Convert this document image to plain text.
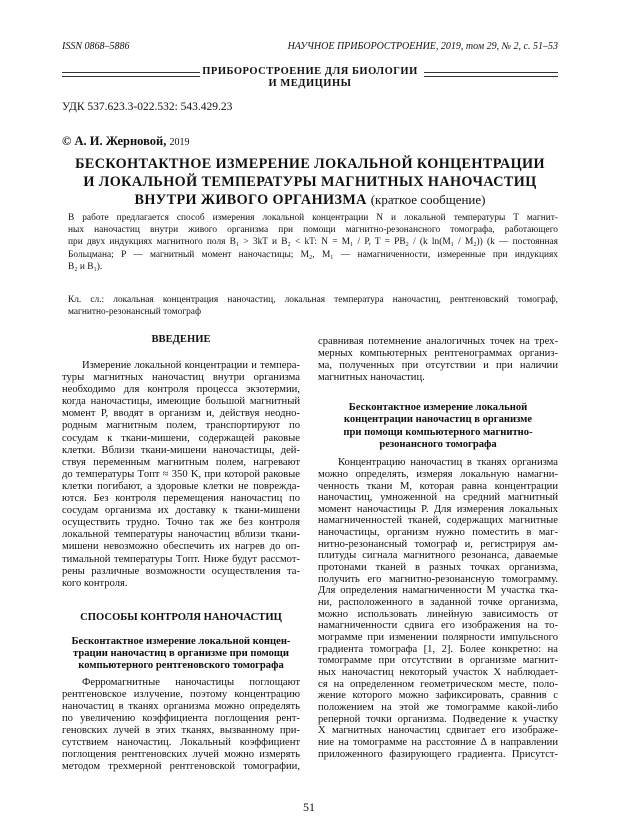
ISSN 0868–5886	НАУЧНОЕ ПРИБОРОСТРОЕНИЕ, 2019, том 29, № 2, с. 51–53
ПРИБОРОСТРОЕНИЕ ДЛЯ БИОЛОГИИ
И МЕДИЦИНЫ
УДК 537.623.3-022.532: 543.429.23
© А. И. Жерновой, 2019
БЕСКОНТАКТНОЕ ИЗМЕРЕНИЕ ЛОКАЛЬНОЙ КОНЦЕНТРАЦИИ
И ЛОКАЛЬНОЙ ТЕМПЕРАТУРЫ МАГНИТНЫХ НАНОЧАСТИЦ
ВНУТРИ ЖИВОГО ОРГАНИЗМА (краткое сообщение)
В работе предлагается способ измерения локальной концентрации N и локальной температуры T магнит-
ных наночастиц внутри живого организма при помощи магнитно-резонансного томографа, работающего
при двух индукциях магнитного поля B₁ > 3kT и B₂ < kT: N = M₁ / P, T = PB₂ / (k ln(M₁ / M₂)) (k — постоянная
Больцмана; P — магнитный момент наночастицы; M₂, M₁ — намагниченности, измеренные при индукциях
B₂ и B₁).
Кл. сл.: локальная концентрация наночастиц, локальная температура наночастиц, рентгеновский томограф,
магнитно-резонансный томограф
ВВЕДЕНИЕ
Измерение локальной концентрации и темпера-
туры магнитных наночастиц внутри организма
необходимо для контроля процесса экзотермии,
когда наночастицы, имеющие большой магнитный
момент P, вводят в организм и, действуя неодно-
родным магнитным полем, транспортируют по
сосудам к ткани-мишени, содержащей раковые
клетки. Вблизи ткани-мишени наночастицы, дей-
ствуя переменным магнитным полем, нагревают
до температуры Tопт ≈ 350 K, при которой раковые
клетки погибают, а здоровые клетки не поврежда-
ются. Без контроля перемещения наночастиц по
сосудам организма их доставку к ткани-мишени
осуществить трудно. Точно так же без контроля
локальной температуры наночастиц вблизи ткани-
мишени невозможно обеспечить их нагрев до оп-
тимальной температуры Tопт. Ниже будут рассмот-
рены различные возможности осуществления та-
кого контроля.
СПОСОБЫ КОНТРОЛЯ НАНОЧАСТИЦ
Бесконтактное измерение локальной концен-
трации наночастиц в организме при помощи
компьютерного рентгеновского томографа
Ферромагнитные наночастицы поглощают
рентгеновское излучение, поэтому концентрацию
наночастиц в тканях организма можно определять
по увеличению коэффициента поглощения рент-
геновских лучей в этих тканях, вызванному при-
сутствием наночастиц. Локальный коэффициент
поглощения рентгеновских лучей можно измерять
методом трехмерной рентгеновской томографии,
сравнивая потемнение аналогичных точек на трех-
мерных компьютерных рентгенограммах организ-
ма, полученных при отсутствии и при наличии
магнитных наночастиц.
Бесконтактное измерение локальной
концентрации наночастиц в организме
при помощи компьютерного магнитно-
резонансного томографа
Концентрацию наночастиц в тканях организма
можно определять, измеряя локальную намагни-
ченность ткани M, которая равна концентрации
наночастиц, умноженной на средний магнитный
момент наночастицы P. Для измерения локальных
намагниченностей тканей, содержащих магнитные
наночастицы, организм нужно поместить в маг-
нитно-резонансный томограф и, регистрируя ам-
плитуды сигнала магнитного резонанса, даваемые
протонами тканей в разных точках организма,
получить его магнитно-резонансную томограмму.
Для определения намагниченности M участка тка-
ни, расположенного в заданной точке организма,
можно использовать линейную зависимость от
намагниченности сдвига его изображения на то-
мограмме при изменении полярности импульсного
градиента томографа [1, 2]. Более конкретно: на
томограмме при отсутствии в организме магнит-
ных наночастиц некоторый участок X наблюдает-
ся на определенном геометрическом месте, поло-
жение которого можно зафиксировать, сравнив с
положением на этой же томограмме какой-либо
реперной точки организма. Подведение к участку
X магнитных наночастиц сдвигает его изображе-
ние на томограмме на расстояние Δ в направлении
приложенного фазирующего градиента. Присутст-
51
